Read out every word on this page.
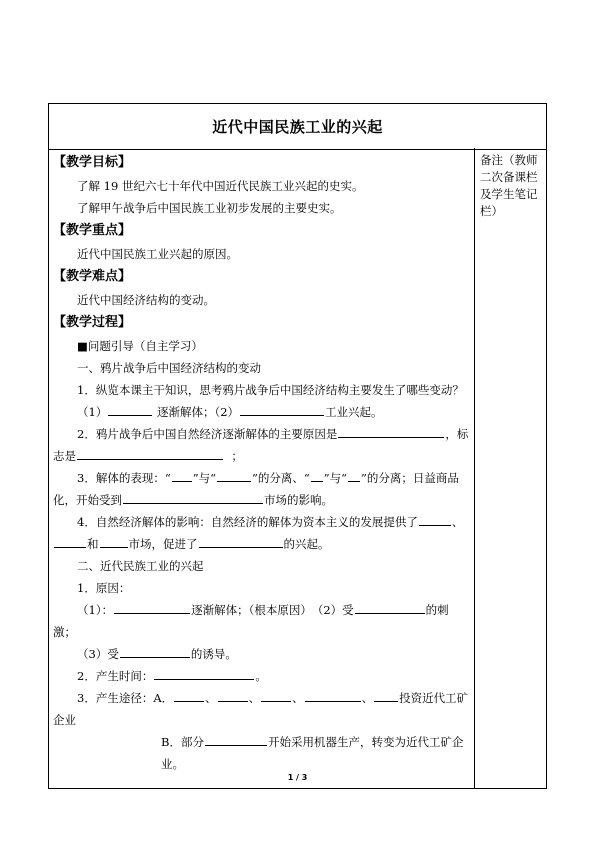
近代中国民族工业的兴起
【教学目标】
了解 19 世纪六七十年代中国近代民族工业兴起的史实。
了解甲午战争后中国民族工业初步发展的主要史实。
【教学重点】
近代中国民族工业兴起的原因。
【教学难点】
近代中国经济结构的变动。
【教学过程】
■问题引导（自主学习）
一、鸦片战争后中国经济结构的变动
1．纵览本课主干知识，思考鸦片战争后中国经济结构主要发生了哪些变动？
（1）	逐渐解体；（2）	工业兴起。
2．鸦片战争后中国自然经济逐渐解体的主要原因是	，标志是	；
3．解体的表现：“ ”与“	”的分离、“ ”与“ ”的分离；日益商品化，开始受到	市场的影响。
4．自然经济解体的影响：自然经济的解体为资本主义的发展提供了	、和	市场，促进了	的兴起。
二、近代民族工业的兴起
1．原因：
（1）：	逐渐解体；（根本原因）　（2）受	的刺激；
（3）受	的诱导。
2．产生时间：	。
3．产生途径：A．	、	、	、	、 投资近代工矿企业
B．部分	开始采用机器生产，转变为近代工矿企业。
备注（教师二次备课栏及学生笔记栏）
1 / 3
